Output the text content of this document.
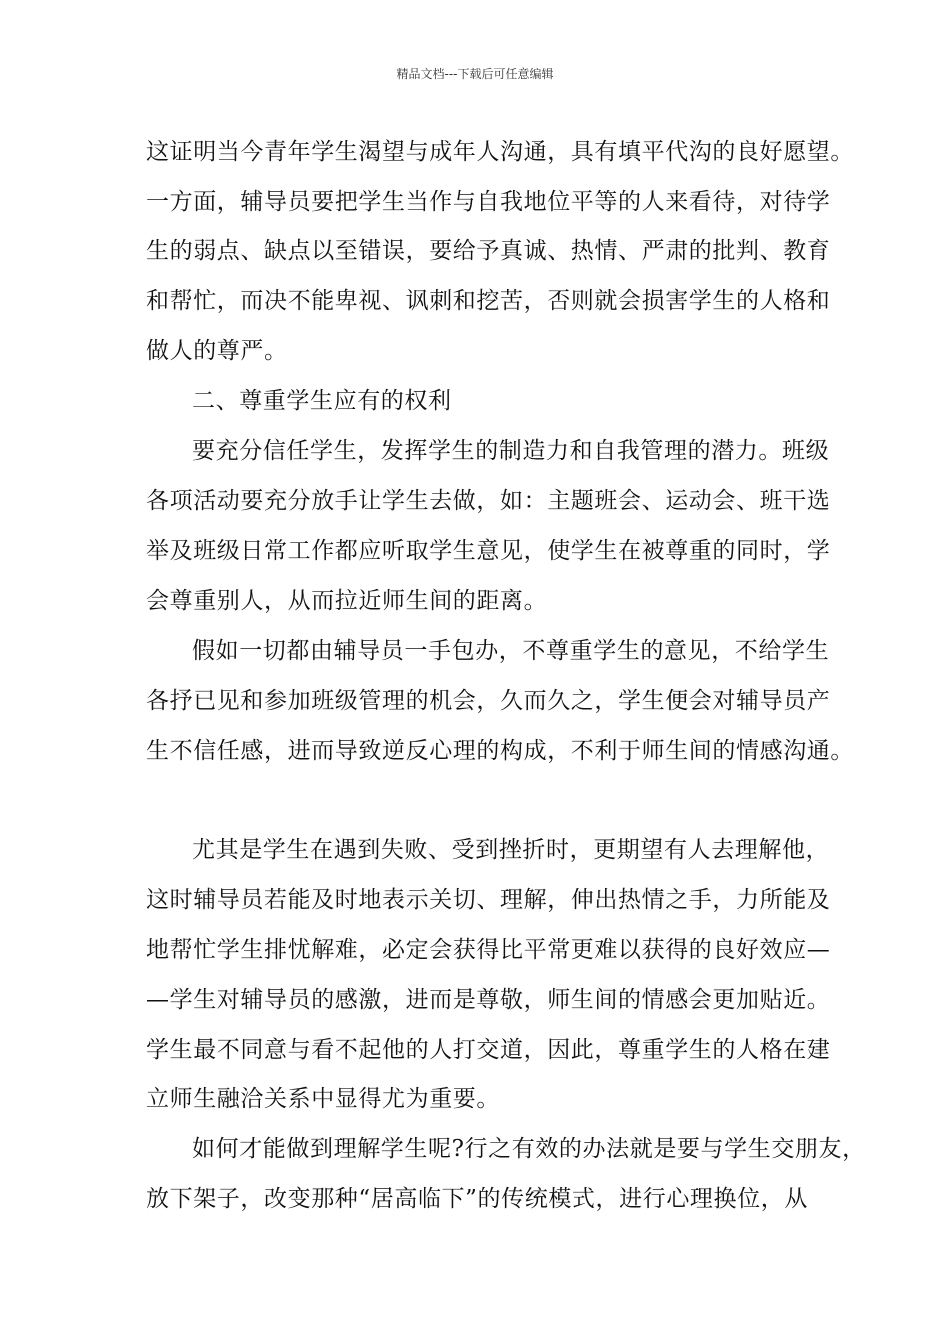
精品文档---下载后可任意编辑
这证明当今青年学生渴望与成年人沟通，具有填平代沟的良好愿望。
一方面，辅导员要把学生当作与自我地位平等的人来看待，对待学
生的弱点、缺点以至错误，要给予真诚、热情、严肃的批判、教育
和帮忙，而决不能卑视、讽刺和挖苦，否则就会损害学生的人格和
做人的尊严。
二、尊重学生应有的权利
要充分信任学生，发挥学生的制造力和自我管理的潜力。班级
各项活动要充分放手让学生去做，如：主题班会、运动会、班干选
举及班级日常工作都应听取学生意见，使学生在被尊重的同时，学
会尊重别人，从而拉近师生间的距离。
假如一切都由辅导员一手包办，不尊重学生的意见，不给学生
各抒已见和参加班级管理的机会，久而久之，学生便会对辅导员产
生不信任感，进而导致逆反心理的构成，不利于师生间的情感沟通。
尤其是学生在遇到失败、受到挫折时，更期望有人去理解他，
这时辅导员若能及时地表示关切、理解，伸出热情之手，力所能及
地帮忙学生排忧解难，必定会获得比平常更难以获得的良好效应—
—学生对辅导员的感激，进而是尊敬，师生间的情感会更加贴近。
学生最不同意与看不起他的人打交道，因此，尊重学生的人格在建
立师生融洽关系中显得尤为重要。
如何才能做到理解学生呢?行之有效的办法就是要与学生交朋友，
放下架子，改变那种“居高临下”的传统模式，进行心理换位，从
